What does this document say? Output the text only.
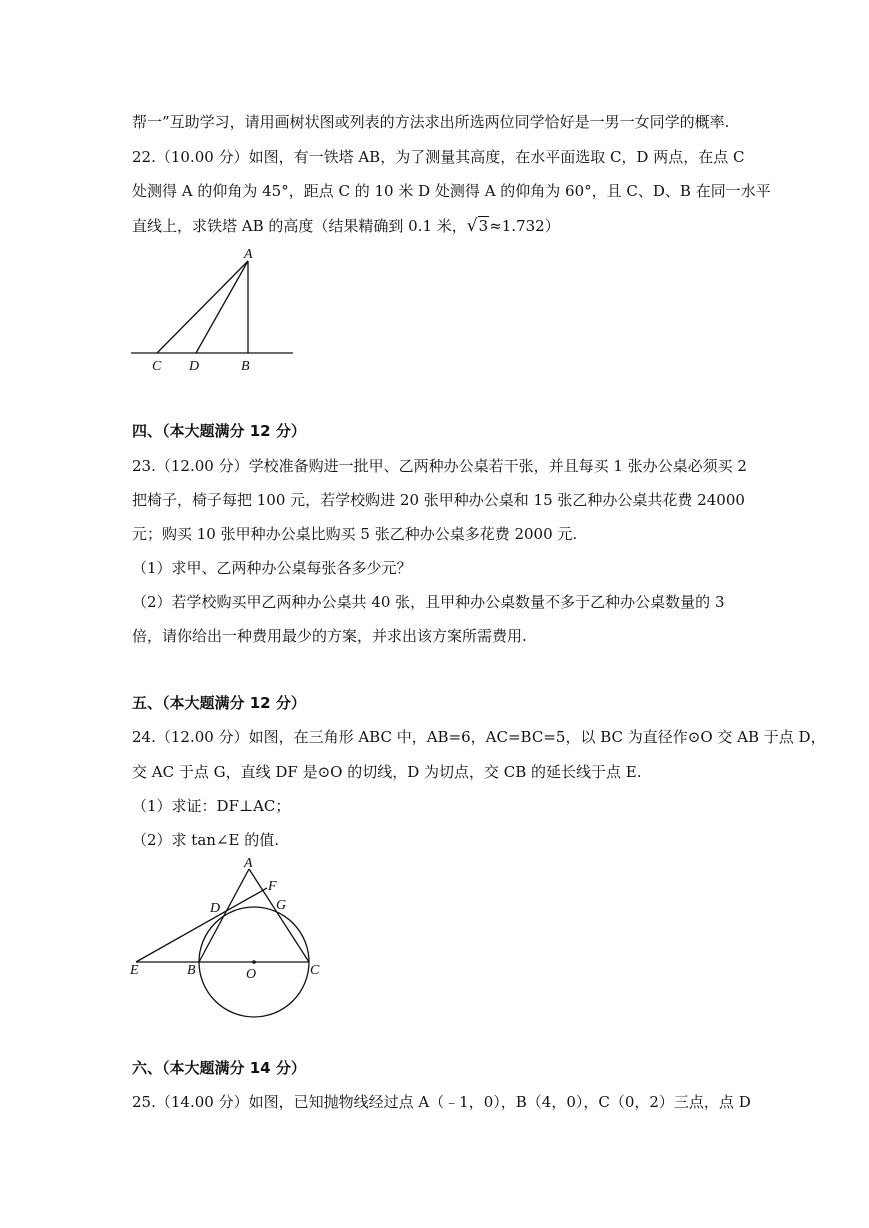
帮一”互助学习，请用画树状图或列表的方法求出所选两位同学恰好是一男一女同学的概率.
22.（10.00 分）如图，有一铁塔 AB，为了测量其高度，在水平面选取 C，D 两点，在点 C
处测得 A 的仰角为 45°，距点 C 的 10 米 D 处测得 A 的仰角为 60°，且 C、D、B 在同一水平
直线上，求铁塔 AB 的高度（结果精确到 0.1 米，√3≈1.732）
A
C D	B
四、（本大题满分 12 分）
23.（12.00 分）学校准备购进一批甲、乙两种办公桌若干张，并且每买 1 张办公桌必须买 2
把椅子，椅子每把 100 元，若学校购进 20 张甲种办公桌和 15 张乙种办公桌共花费 24000
元；购买 10 张甲种办公桌比购买 5 张乙种办公桌多花费 2000 元.
（1）求甲、乙两种办公桌每张各多少元？
（2）若学校购买甲乙两种办公桌共 40 张，且甲种办公桌数量不多于乙种办公桌数量的 3
倍，请你给出一种费用最少的方案，并求出该方案所需费用.
五、（本大题满分 12 分）
24.（12.00 分）如图，在三角形 ABC 中，AB=6，AC=BC=5，以 BC 为直径作⊙O 交 AB 于点 D，
交 AC 于点 G，直线 DF 是⊙O 的切线，D 为切点，交 CB 的延长线于点 E.
（1）求证：DF⊥AC；
（2）求 tan∠E 的值.
A
F
D	G
E	B	O	C
六、（本大题满分 14 分）
25.（14.00 分）如图，已知抛物线经过点 A（﹣1，0），B（4，0），C（0，2）三点，点 D
